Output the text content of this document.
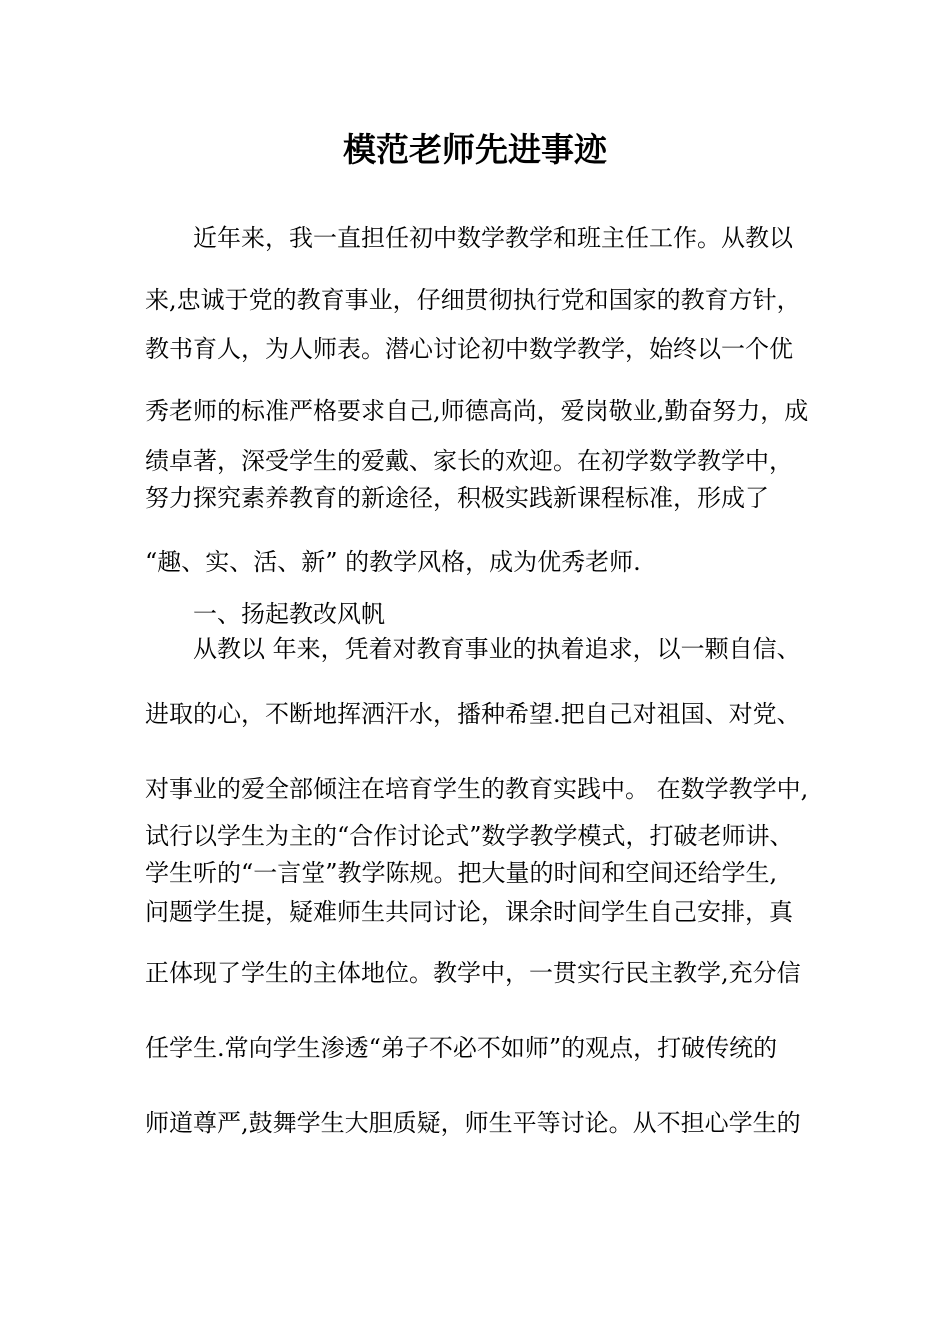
模范老师先进事迹
近年来，我一直担任初中数学教学和班主任工作。从教以
来,忠诚于党的教育事业，仔细贯彻执行党和国家的教育方针，
教书育人，为人师表。潜心讨论初中数学教学，始终以一个优
秀老师的标准严格要求自己,师德高尚，爱岗敬业,勤奋努力，成
绩卓著，深受学生的爱戴、家长的欢迎。在初学数学教学中，
努力探究素养教育的新途径，积极实践新课程标准，形成了
“趣、实、活、新” 的教学风格，成为优秀老师.
一、扬起教改风帆
从教以 年来，凭着对教育事业的执着追求，以一颗自信、
进取的心，不断地挥洒汗水，播种希望.把自己对祖国、对党、
对事业的爱全部倾注在培育学生的教育实践中。 在数学教学中,
试行以学生为主的“合作讨论式”数学教学模式，打破老师讲、
学生听的“一言堂”教学陈规。把大量的时间和空间还给学生,
问题学生提，疑难师生共同讨论，课余时间学生自己安排，真
正体现了学生的主体地位。教学中，一贯实行民主教学,充分信
任学生.常向学生渗透“弟子不必不如师”的观点，打破传统的
师道尊严,鼓舞学生大胆质疑，师生平等讨论。从不担心学生的
